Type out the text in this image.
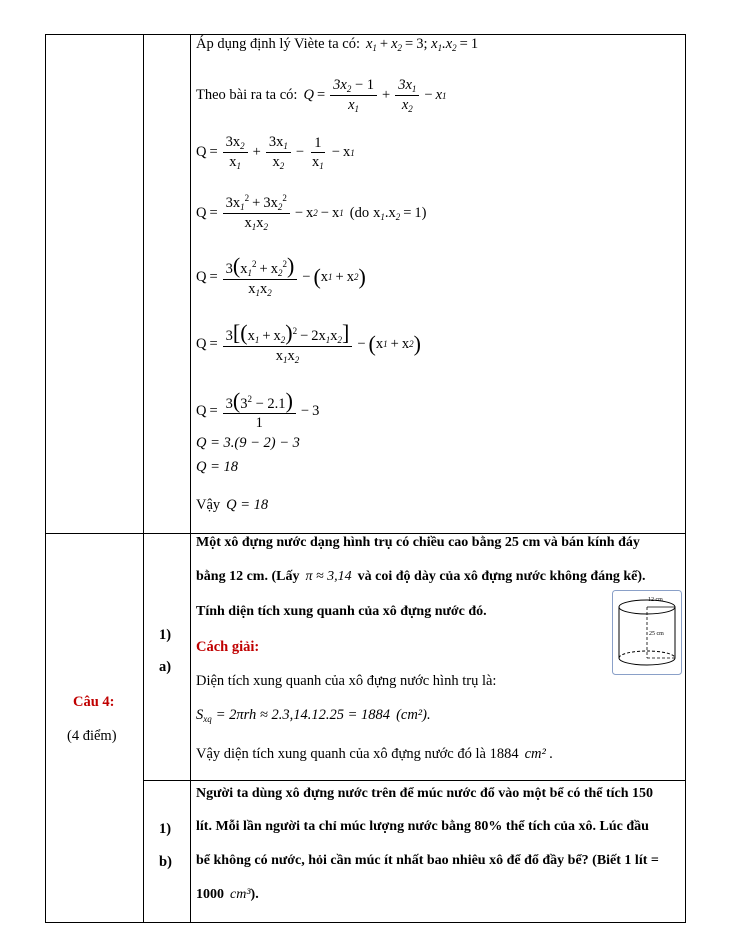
Áp dụng định lý Viète ta có: $x_1 + x_2 = 3$; $x_1.x_2 = 1$
Theo bài ra ta có: $Q = \frac{3x_2 - 1}{x_1} + \frac{3x_1}{x_2} - x$ 1
$Q = \frac{3x_2}{x_1} + \frac{3x_1}{x_2} - \frac{1}{x_1} - x$ 1
$Q = \frac{3x_1^2 + 3x_2^2}{x_1x_2} - x$ 2 − x 1 (do $x_1.x_2 = 1$)
$Q = \frac{3(x_1^2 + x_2^2)}{x_1x_2}$ − ( x 1 + x 2 )
$Q = \frac{3[(x_1 + x_2)^2 - 2x_1x_2]}{x_1x_2}$ − ( x 1 + x 2 )
$Q = \frac{3(3^2 - 2.1)}{1} - 3$
Q = 3.(9 − 2) − 3
Q = 18
Vậy Q = 18
Câu 4:
(4 điểm)
1)
a)
Một xô đựng nước dạng hình trụ có chiều cao bằng 25 cm và bán kính đáy
bằng 12 cm. (Lấy π ≈ 3,14 và coi độ dày của xô đựng nước không đáng kể).
Tính diện tích xung quanh của xô đựng nước đó.
Cách giải:
Diện tích xung quanh của xô đựng nước hình trụ là:
$S_{xq} = 2\pi rh \approx 2.3,14.12.25 = 1884$ (cm²).
Vậy diện tích xung quanh của xô đựng nước đó là 1884 cm² .
12 cm
25 cm
1)
b)
Người ta dùng xô đựng nước trên để múc nước đổ vào một bể có thể tích 150
lít. Mỗi lần người ta chỉ múc lượng nước bằng 80% thể tích của xô. Lúc đầu
bể không có nước, hỏi cần múc ít nhất bao nhiêu xô để đổ đầy bể? (Biết 1 lít =
1000 cm³ ).
